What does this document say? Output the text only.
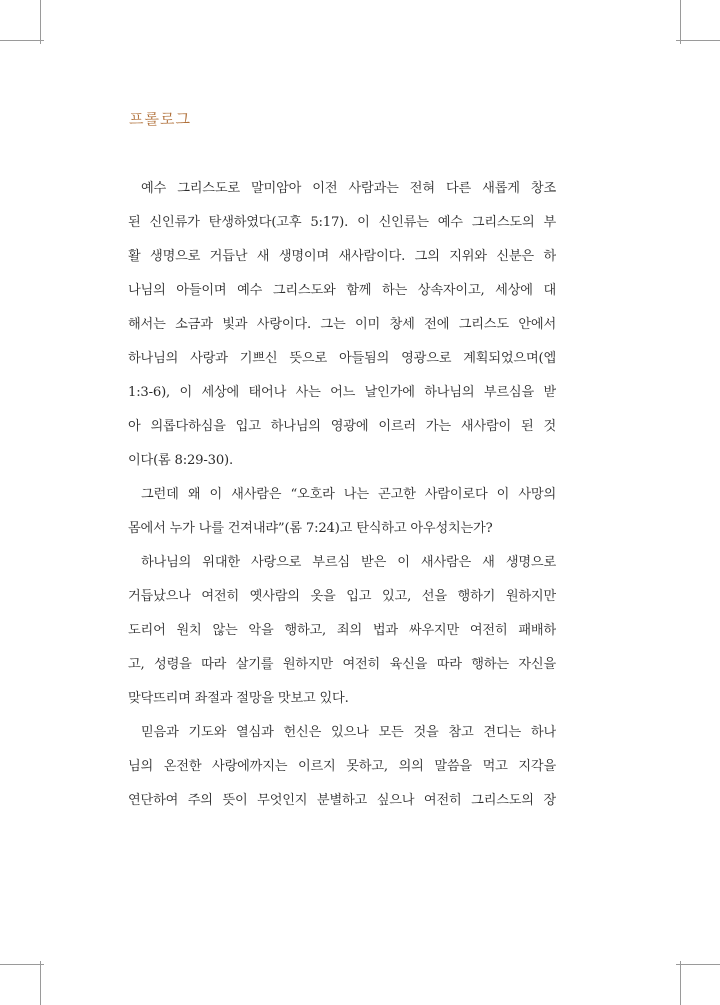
프롤로그

예수 그리스도로 말미암아 이전 사람과는 전혀 다른 새롭게 창조
된 신인류가 탄생하였다(고후 5:17). 이 신인류는 예수 그리스도의 부
활 생명으로 거듭난 새 생명이며 새사람이다. 그의 지위와 신분은 하
나님의 아들이며 예수 그리스도와 함께 하는 상속자이고, 세상에 대
해서는 소금과 빛과 사랑이다. 그는 이미 창세 전에 그리스도 안에서
하나님의 사랑과 기쁘신 뜻으로 아들됨의 영광으로 계획되었으며(엡
1:3-6), 이 세상에 태어나 사는 어느 날인가에 하나님의 부르심을 받
아 의롭다하심을 입고 하나님의 영광에 이르러 가는 새사람이 된 것
이다(롬 8:29-30).

그런데 왜 이 새사람은 “오호라 나는 곤고한 사람이로다 이 사망의
몸에서 누가 나를 건져내랴”(롬 7:24)고 탄식하고 아우성치는가?

하나님의 위대한 사랑으로 부르심 받은 이 새사람은 새 생명으로
거듭났으나 여전히 옛사람의 옷을 입고 있고, 선을 행하기 원하지만
도리어 원치 않는 악을 행하고, 죄의 법과 싸우지만 여전히 패배하
고, 성령을 따라 살기를 원하지만 여전히 육신을 따라 행하는 자신을
맞닥뜨리며 좌절과 절망을 맛보고 있다.

믿음과 기도와 열심과 헌신은 있으나 모든 것을 참고 견디는 하나
님의 온전한 사랑에까지는 이르지 못하고, 의의 말씀을 먹고 지각을
연단하여 주의 뜻이 무엇인지 분별하고 싶으나 여전히 그리스도의 장
